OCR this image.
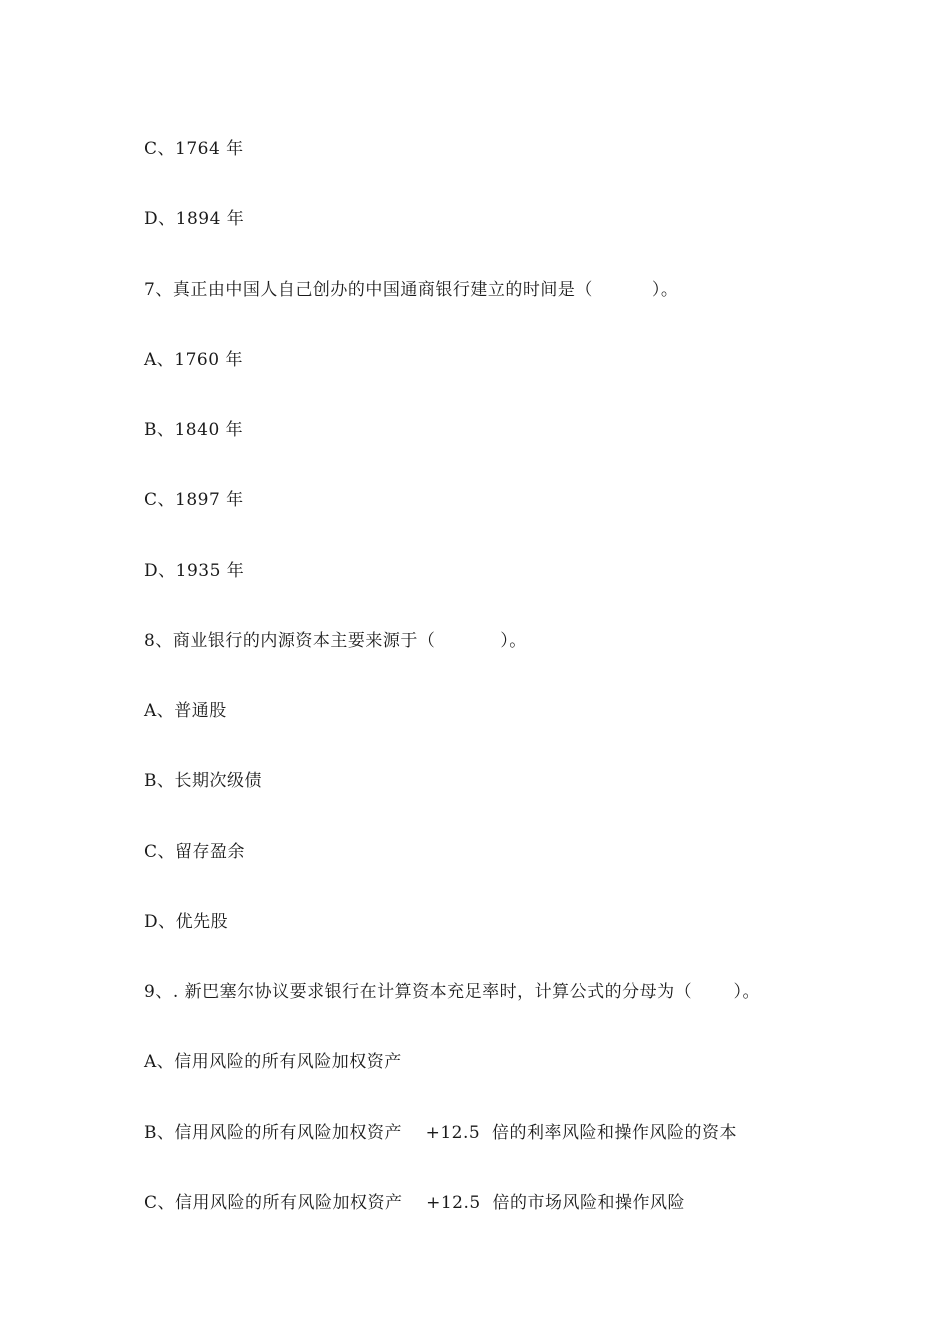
C、1764 年
D、1894 年
7、真正由中国人自己创办的中国通商银行建立的时间是（          ）。
A、1760 年
B、1840 年
C、1897 年
D、1935 年
8、商业银行的内源资本主要来源于（           ）。
A、普通股
B、长期次级债
C、留存盈余
D、优先股
9、. 新巴塞尔协议要求银行在计算资本充足率时，计算公式的分母为（       ）。
A、信用风险的所有风险加权资产
B、信用风险的所有风险加权资产    +12.5  倍的利率风险和操作风险的资本
C、信用风险的所有风险加权资产    +12.5  倍的市场风险和操作风险
